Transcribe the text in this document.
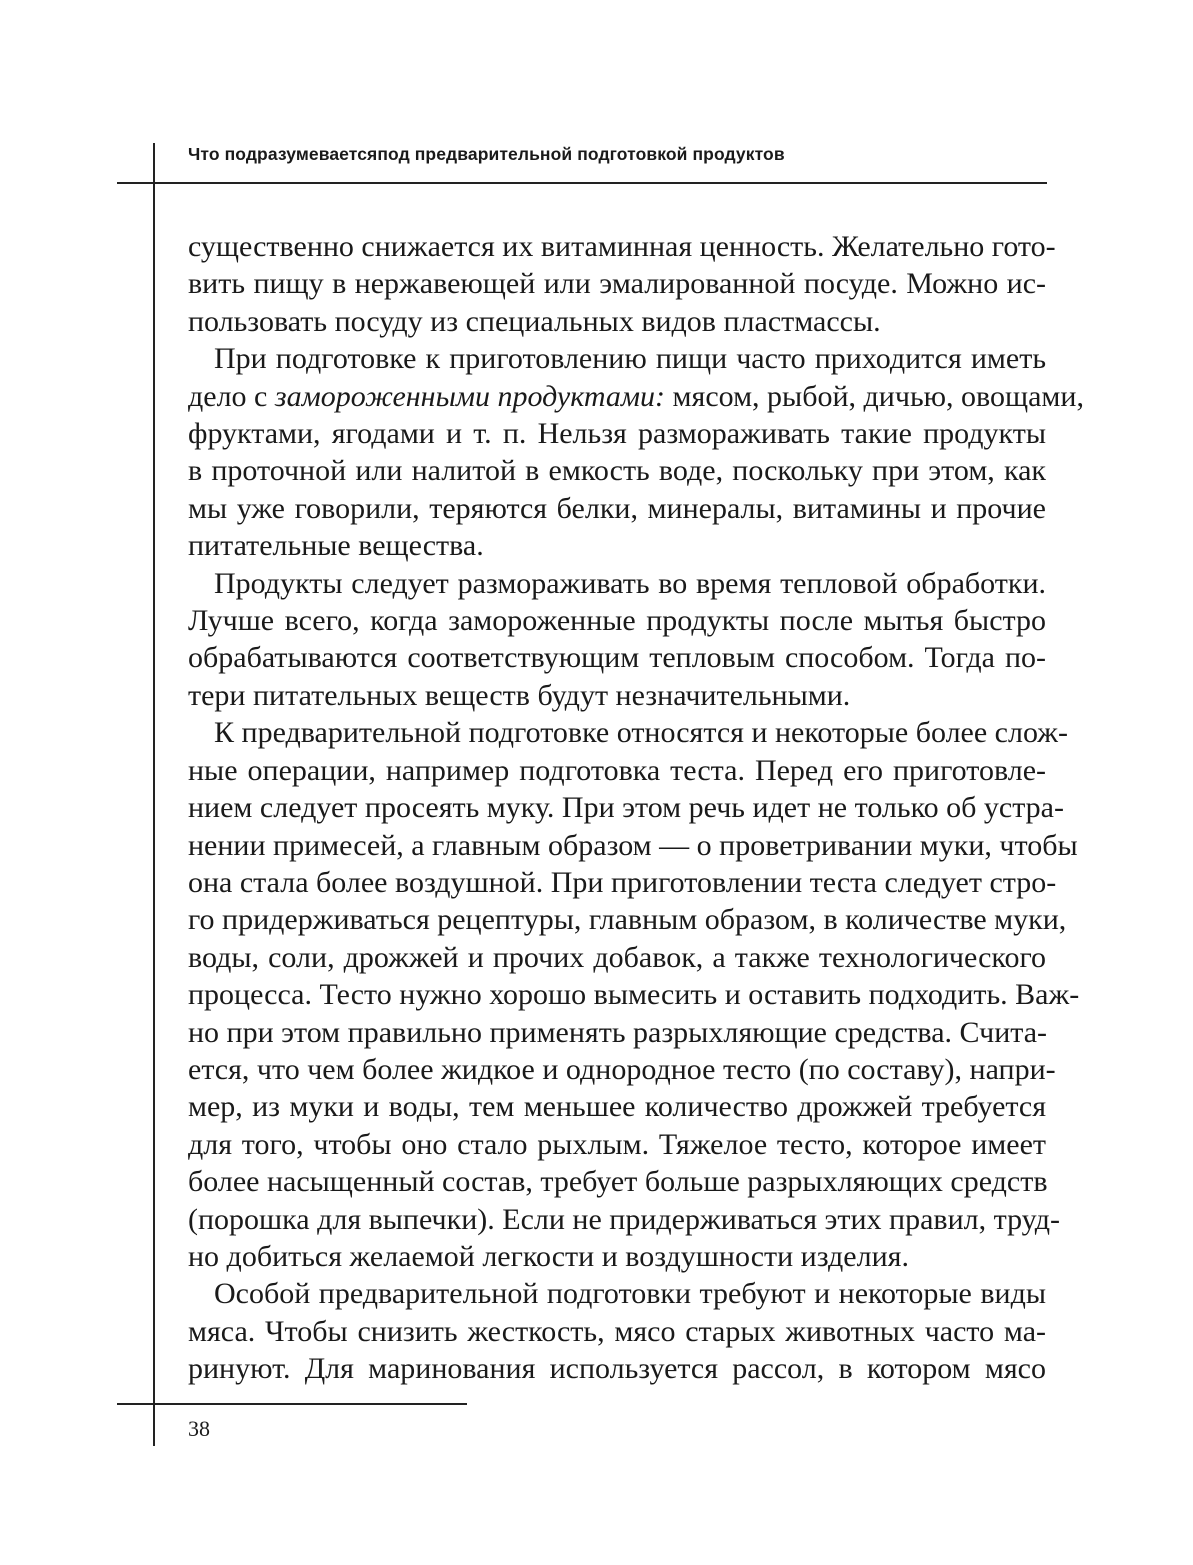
Что подразумеваетсяпод предварительной подготовкой продуктов
существенно снижается их витаминная ценность. Желательно гото-
вить пищу в нержавеющей или эмалированной посуде. Можно ис-
пользовать посуду из специальных видов пластмассы.
При подготовке к приготовлению пищи часто приходится иметь
дело с замороженными продуктами: мясом, рыбой, дичью, овощами,
фруктами, ягодами и т. п. Нельзя размораживать такие продукты
в проточной или налитой в емкость воде, поскольку при этом, как
мы уже говорили, теряются белки, минералы, витамины и прочие
питательные вещества.
Продукты следует размораживать во время тепловой обработки.
Лучше всего, когда замороженные продукты после мытья быстро
обрабатываются соответствующим тепловым способом. Тогда по-
тери питательных веществ будут незначительными.
К предварительной подготовке относятся и некоторые более слож-
ные операции, например подготовка теста. Перед его приготовле-
нием следует просеять муку. При этом речь идет не только об устра-
нении примесей, а главным образом — о проветривании муки, чтобы
она стала более воздушной. При приготовлении теста следует стро-
го придерживаться рецептуры, главным образом, в количестве муки,
воды, соли, дрожжей и прочих добавок, а также технологического
процесса. Тесто нужно хорошо вымесить и оставить подходить. Важ-
но при этом правильно применять разрыхляющие средства. Счита-
ется, что чем более жидкое и однородное тесто (по составу), напри-
мер, из муки и воды, тем меньшее количество дрожжей требуется
для того, чтобы оно стало рыхлым. Тяжелое тесто, которое имеет
более насыщенный состав, требует больше разрыхляющих средств
(порошка для выпечки). Если не придерживаться этих правил, труд-
но добиться желаемой легкости и воздушности изделия.
Особой предварительной подготовки требуют и некоторые виды
мяса. Чтобы снизить жесткость, мясо старых животных часто ма-
ринуют. Для маринования используется рассол, в котором мясо
38
